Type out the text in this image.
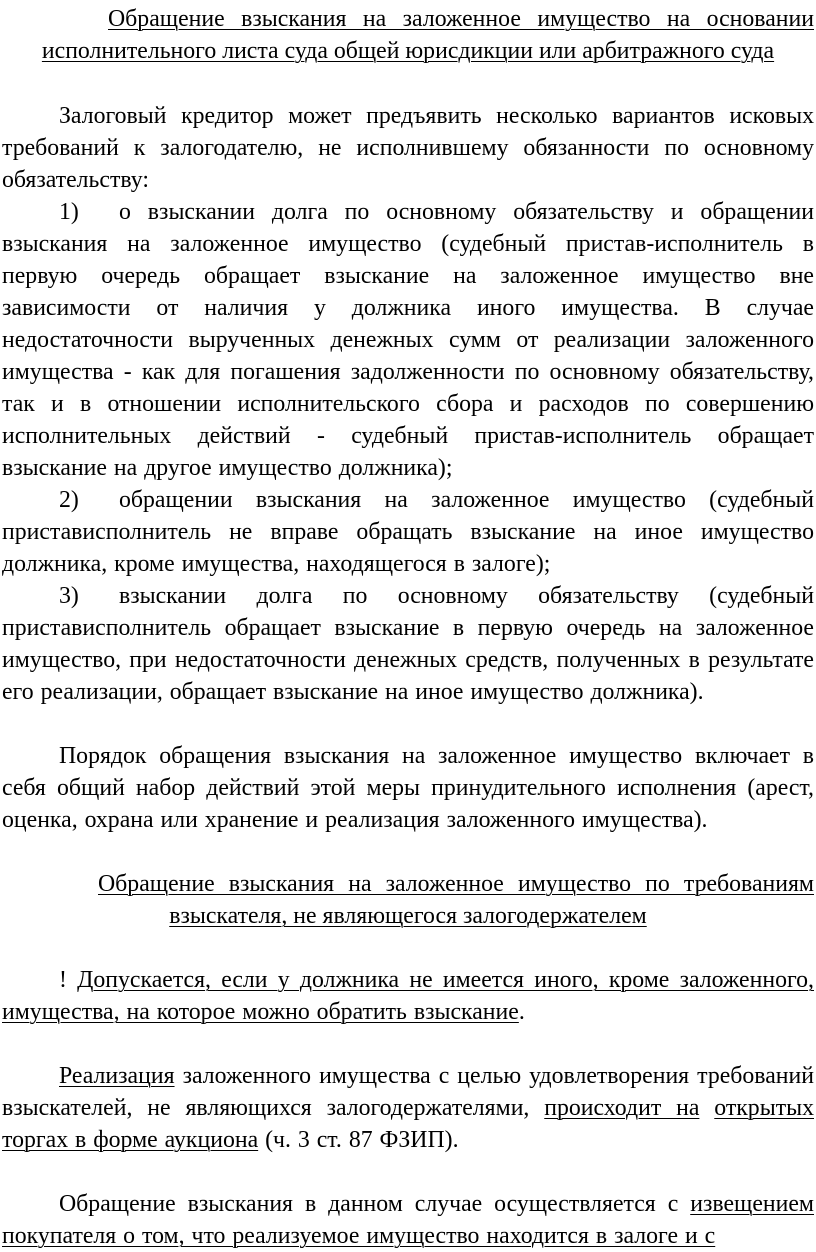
Обращение взыскания на заложенное имущество на основании исполнительного листа суда общей юрисдикции или арбитражного суда

Залоговый кредитор может предъявить несколько вариантов исковых требований к залогодателю, не исполнившему обязанности по основному обязательству:

1) о взыскании долга по основному обязательству и обращении взыскания на заложенное имущество (судебный пристав-исполнитель в первую очередь обращает взыскание на заложенное имущество вне зависимости от наличия у должника иного имущества. В случае недостаточности вырученных денежных сумм от реализации заложенного имущества - как для погашения задолженности по основному обязательству, так и в отношении исполнительского сбора и расходов по совершению исполнительных действий - судебный пристав-исполнитель обращает взыскание на другое имущество должника);

2) обращении взыскания на заложенное имущество (судебный пристависполнитель не вправе обращать взыскание на иное имущество должника, кроме имущества, находящегося в залоге);

3) взыскании долга по основному обязательству (судебный пристависполнитель обращает взыскание в первую очередь на заложенное имущество, при недостаточности денежных средств, полученных в результате его реализации, обращает взыскание на иное имущество должника).

Порядок обращения взыскания на заложенное имущество включает в себя общий набор действий этой меры принудительного исполнения (арест, оценка, охрана или хранение и реализация заложенного имущества).

Обращение взыскания на заложенное имущество по требованиям взыскателя, не являющегося залогодержателем

! Допускается, если у должника не имеется иного, кроме заложенного, имущества, на которое можно обратить взыскание.

Реализация заложенного имущества с целью удовлетворения требований взыскателей, не являющихся залогодержателями, происходит на открытых торгах в форме аукциона (ч. 3 ст. 87 ФЗИП).

Обращение взыскания в данном случае осуществляется с извещением покупателя о том, что реализуемое имущество находится в залоге и с
